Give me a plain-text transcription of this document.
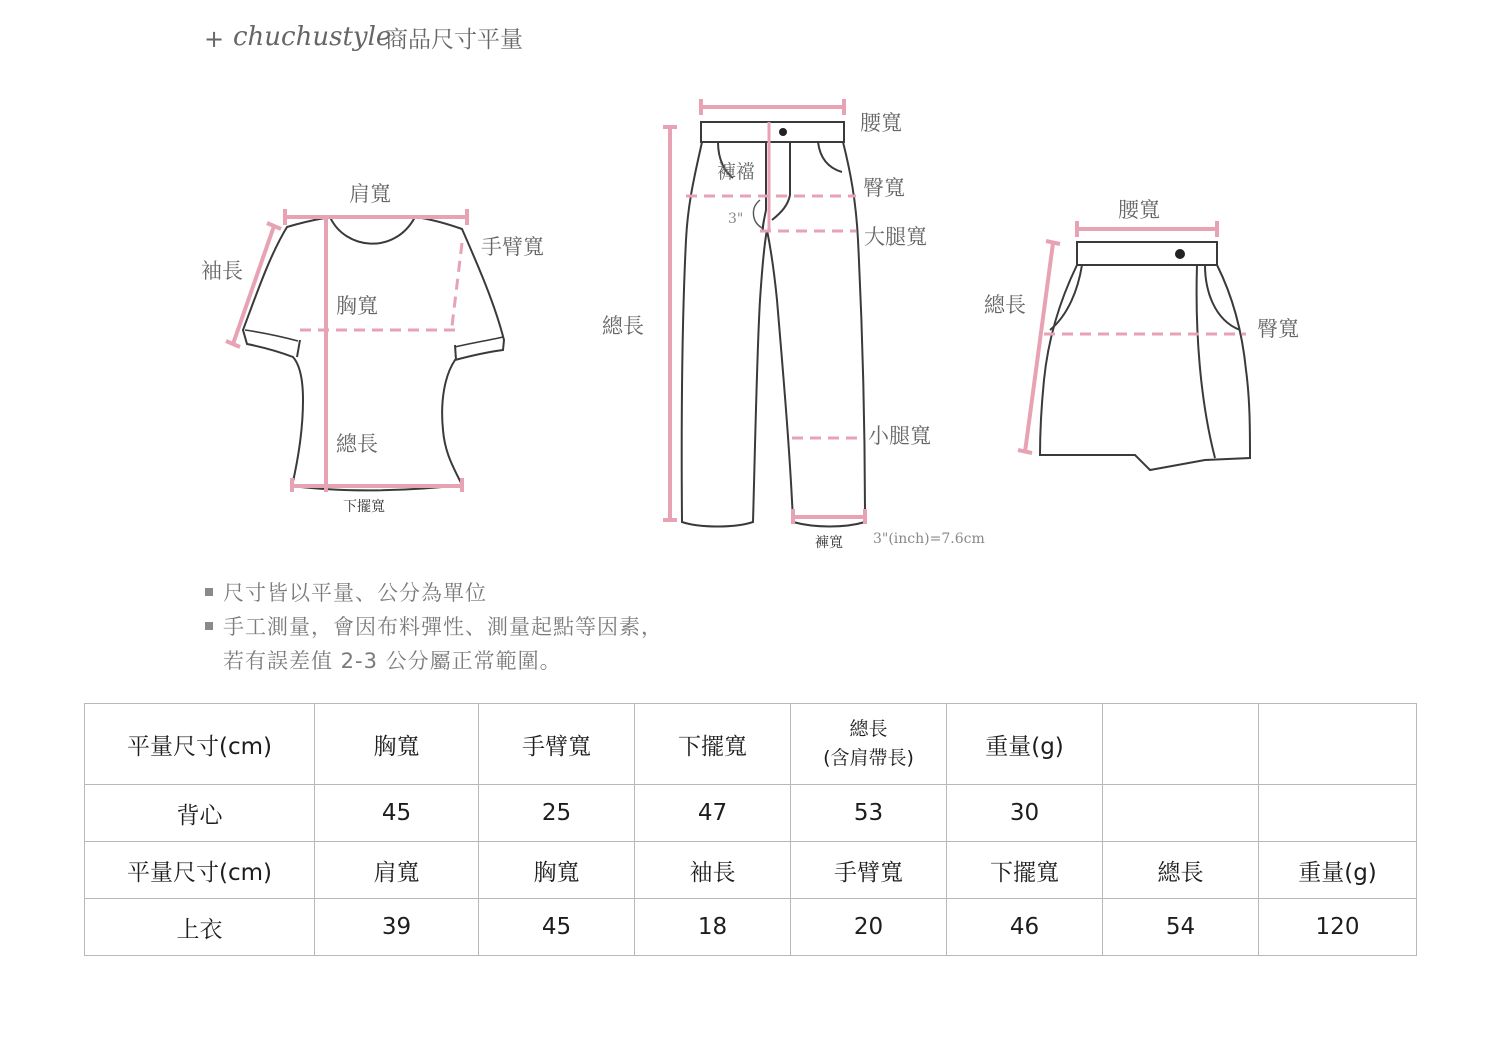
+ chuchustyle
商品尺寸平量
肩寬
袖長
手臂寬
胸寬
總長
下擺寬
腰寬
褲襠
臀寬
大腿寬
總長
小腿寬
褲寬
3"
3"(inch)=7.6cm
腰寬
總長
臀寬
尺寸皆以平量、公分為單位
手工測量，會因布料彈性、測量起點等因素，
若有誤差值 2-3 公分屬正常範圍。
平量尺寸(cm)	胸寬	手臂寬	下擺寬	總長
(含肩帶長)	重量(g)		
背心	45	25	47	53	30		
平量尺寸(cm)	肩寬	胸寬	袖長	手臂寬	下擺寬	總長	重量(g)
上衣	39	45	18	20	46	54	120
